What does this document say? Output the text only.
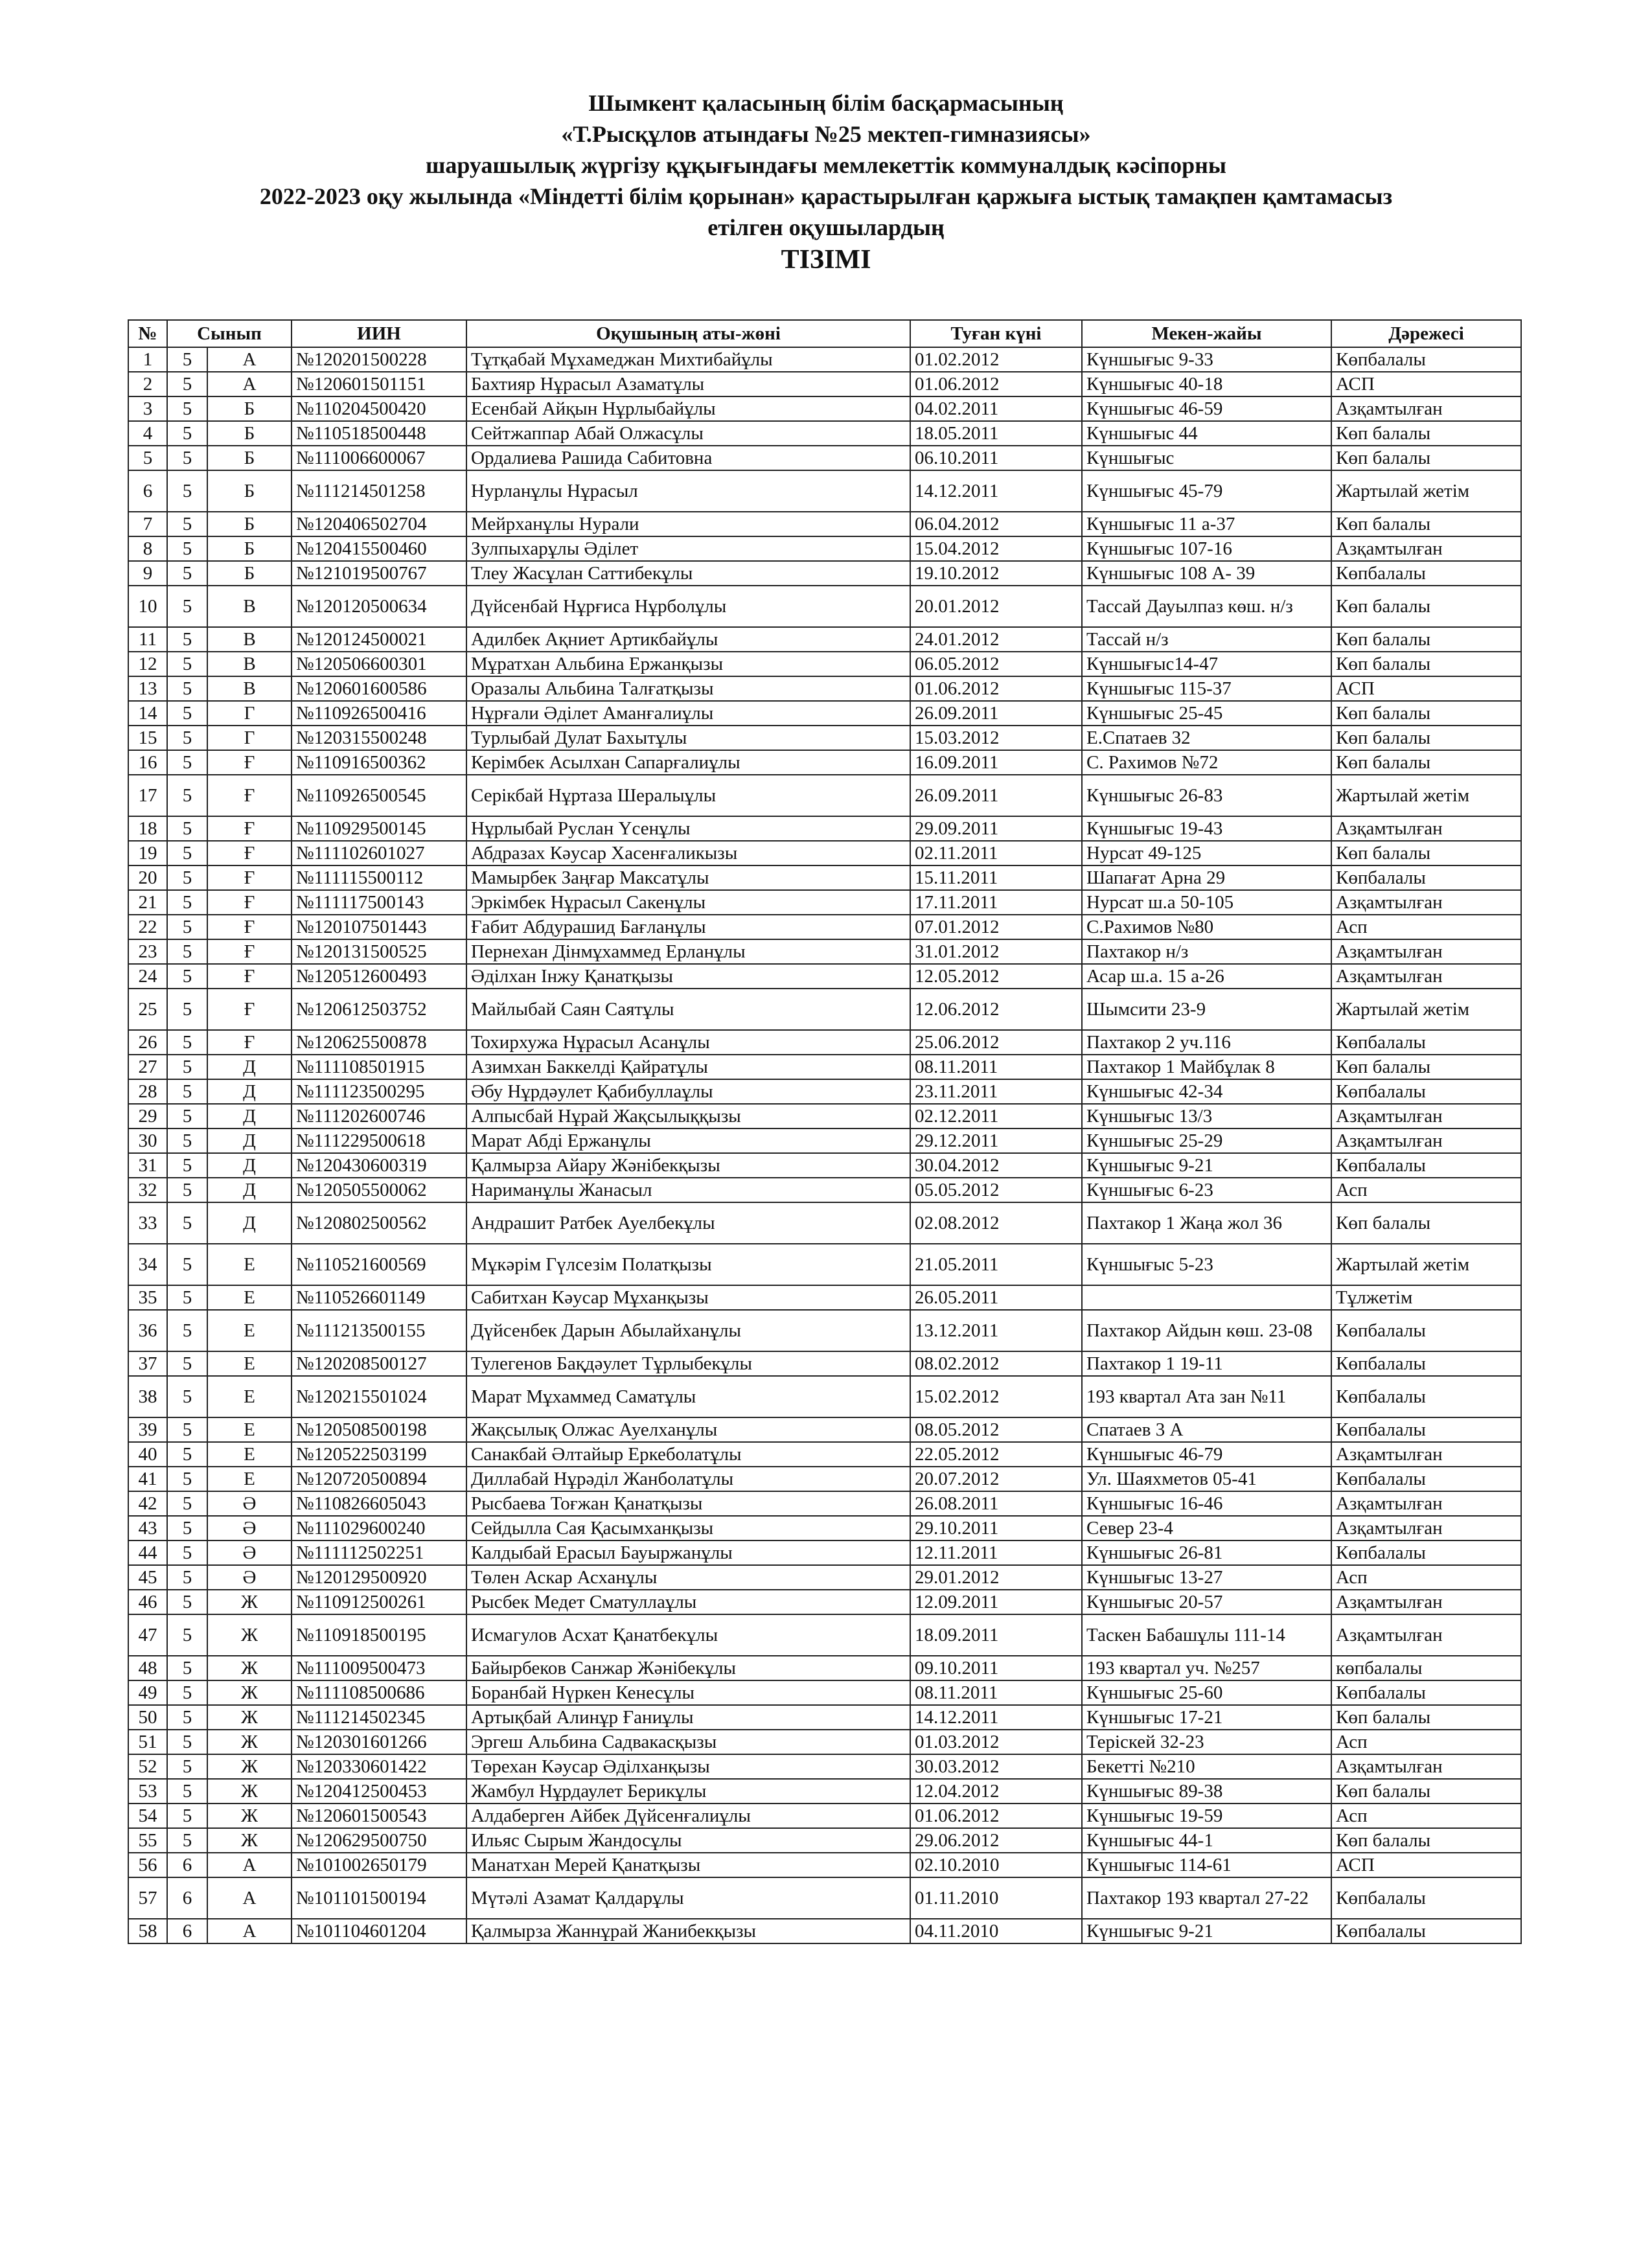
Шымкент қаласының білім басқармасының
«Т.Рысқұлов атындағы №25 мектеп-гимназиясы»
шаруашылық жүргізу құқығындағы мемлекеттік коммуналдық кәсіпорны
2022-2023 оқу жылында «Міндетті білім қорынан» қарастырылған қаржыға ыстық тамақпен қамтамасыз
етілген оқушылардың
ТІЗІМІ
№	Сынып		ИИН	Оқушының аты-жөні	Туған күні	Мекен-жайы	Дәрежесі
1	5	А	№120201500228	Тұтқабай Мұхамеджан Михтибайұлы	01.02.2012	Күншығыс 9-33	Көпбалалы
2	5	А	№120601501151	Бахтияр Нұрасыл Азаматұлы	01.06.2012	Күншығыс 40-18	АСП
3	5	Б	№110204500420	Есенбай Айқын Нұрлыбайұлы	04.02.2011	Күншығыс 46-59	Азқамтылған
4	5	Б	№110518500448	Сейтжаппар Абай Олжасұлы	18.05.2011	Күншығыс 44	Көп балалы
5	5	Б	№111006600067	Ордалиева Рашида Сабитовна	06.10.2011	Күншығыс	Көп балалы
6	5	Б	№111214501258	Нурланұлы Нұрасыл	14.12.2011	Күншығыс 45-79	Жартылай жетім
7	5	Б	№120406502704	Мейрханұлы Нурали	06.04.2012	Күншығыс 11 а-37	Көп балалы
8	5	Б	№120415500460	Зулпыхарұлы Әділет	15.04.2012	Күншығыс 107-16	Азқамтылған
9	5	Б	№121019500767	Тлеу Жасұлан Саттибекұлы	19.10.2012	Күншығыс 108 А- 39	Көпбалалы
10	5	В	№120120500634	Дүйсенбай Нұрғиса Нұрболұлы	20.01.2012	Тассай Дауылпаз көш. н/з	Көп балалы
11	5	В	№120124500021	Адилбек Ақниет Артикбайұлы	24.01.2012	Тассай н/з	Көп балалы
12	5	В	№120506600301	Мұратхан Альбина Ержанқызы	06.05.2012	Күншығыс14-47	Көп балалы
13	5	В	№120601600586	Оразалы Альбина Талғатқызы	01.06.2012	Күншығыс 115-37	АСП
14	5	Г	№110926500416	Нұрғали Әділет Аманғалиұлы	26.09.2011	Күншығыс 25-45	Көп балалы
15	5	Г	№120315500248	Турлыбай Дулат Бахытұлы	15.03.2012	Е.Спатаев 32	Көп балалы
16	5	Ғ	№110916500362	Керімбек Асылхан Сапарғалиұлы	16.09.2011	С. Рахимов №72	Көп балалы
17	5	Ғ	№110926500545	Серікбай Нұртаза Шералыұлы	26.09.2011	Күншығыс 26-83	Жартылай жетім
18	5	Ғ	№110929500145	Нұрлыбай Руслан Үсенұлы	29.09.2011	Күншығыс 19-43	Азқамтылған
19	5	Ғ	№111102601027	Абдразах Кәусар Хасенғаликызы	02.11.2011	Нурсат 49-125	Көп балалы
20	5	Ғ	№111115500112	Мамырбек Заңғар Максатұлы	15.11.2011	Шапағат Арна 29	Көпбалалы
21	5	Ғ	№111117500143	Эркімбек Нұрасыл Сакенұлы	17.11.2011	Нурсат ш.а 50-105	Азқамтылған
22	5	Ғ	№120107501443	Ғабит Абдурашид Бағланұлы	07.01.2012	С.Рахимов №80	Асп
23	5	Ғ	№120131500525	Пернехан Дінмұхаммед Ерланұлы	31.01.2012	Пахтакор н/з	Азқамтылған
24	5	Ғ	№120512600493	Әділхан Інжу Қанатқызы	12.05.2012	Асар ш.а. 15 а-26	Азқамтылған
25	5	Ғ	№120612503752	Майлыбай Саян Саятұлы	12.06.2012	Шымсити 23-9	Жартылай жетім
26	5	Ғ	№120625500878	Тохирхужа Нұрасыл Асанұлы	25.06.2012	Пахтакор 2 уч.116	Көпбалалы
27	5	Д	№111108501915	Азимхан Баккелді Қайратұлы	08.11.2011	Пахтакор 1 Майбұлак 8	Көп балалы
28	5	Д	№111123500295	Әбу Нұрдәулет Қабибуллаұлы	23.11.2011	Күншығыс 42-34	Көпбалалы
29	5	Д	№111202600746	Алпысбай Нұрай Жақсылыққызы	02.12.2011	Күншығыс 13/3	Азқамтылған
30	5	Д	№111229500618	Марат Абді Ержанұлы	29.12.2011	Күншығыс 25-29	Азқамтылған
31	5	Д	№120430600319	Қалмырза Айару Жәнібекқызы	30.04.2012	Күншығыс 9-21	Көпбалалы
32	5	Д	№120505500062	Нариманұлы Жанасыл	05.05.2012	Күншығыс 6-23	Асп
33	5	Д	№120802500562	Андрашит Ратбек Ауелбекұлы	02.08.2012	Пахтакор 1 Жаңа жол 36	Көп балалы
34	5	Е	№110521600569	Мұкәрім Гүлсезім Полатқызы	21.05.2011	Күншығыс 5-23	Жартылай жетім
35	5	Е	№110526601149	Сабитхан Кәусар Мұханқызы	26.05.2011		Тұлжетім
36	5	Е	№111213500155	Дүйсенбек Дарын Абылайханұлы	13.12.2011	Пахтакор Айдын көш. 23-08	Көпбалалы
37	5	Е	№120208500127	Тулегенов Бақдәулет Тұрлыбекұлы	08.02.2012	Пахтакор 1 19-11	Көпбалалы
38	5	Е	№120215501024	Марат Мұхаммед Саматұлы	15.02.2012	193 квартал Ата зан №11	Көпбалалы
39	5	Е	№120508500198	Жақсылық Олжас Ауелханұлы	08.05.2012	Спатаев 3 А	Көпбалалы
40	5	Е	№120522503199	Санакбай Әлтайыр Еркеболатұлы	22.05.2012	Күншығыс 46-79	Азқамтылған
41	5	Е	№120720500894	Диллабай Нұрәділ Жанболатұлы	20.07.2012	Ул. Шаяхметов 05-41	Көпбалалы
42	5	Ә	№110826605043	Рысбаева Тоғжан Қанатқызы	26.08.2011	Күншығыс 16-46	Азқамтылған
43	5	Ә	№111029600240	Сейдылла Сая Қасымханқызы	29.10.2011	Север 23-4	Азқамтылған
44	5	Ә	№111112502251	Калдыбай Ерасыл Бауыржанұлы	12.11.2011	Күншығыс 26-81	Көпбалалы
45	5	Ә	№120129500920	Төлен Аскар Асханұлы	29.01.2012	Күншығыс 13-27	Асп
46	5	Ж	№110912500261	Рысбек Медет Сматуллаұлы	12.09.2011	Күншығыс 20-57	Азқамтылған
47	5	Ж	№110918500195	Исмагулов Асхат Қанатбекұлы	18.09.2011	Таскен Бабашұлы 111-14	Азқамтылған
48	5	Ж	№111009500473	Байырбеков Санжар Жәнібекұлы	09.10.2011	193 квартал уч. №257	көпбалалы
49	5	Ж	№111108500686	Боранбай Нүркен Кенесұлы	08.11.2011	Күншығыс 25-60	Көпбалалы
50	5	Ж	№111214502345	Артықбай Алинұр Ғаниұлы	14.12.2011	Күншығыс 17-21	Көп балалы
51	5	Ж	№120301601266	Эргеш Альбина Садвакасқызы	01.03.2012	Теріскей 32-23	Асп
52	5	Ж	№120330601422	Төрехан Кәусар Әділханқызы	30.03.2012	Бекетті №210	Азқамтылған
53	5	Ж	№120412500453	Жамбул Нұрдаулет Берикұлы	12.04.2012	Күншығыс 89-38	Көп балалы
54	5	Ж	№120601500543	Алдаберген Айбек Дүйсенғалиұлы	01.06.2012	Күншығыс 19-59	Асп
55	5	Ж	№120629500750	Ильяс Сырым Жандосұлы	29.06.2012	Күншығыс 44-1	Көп балалы
56	6	А	№101002650179	Манатхан Мерей Қанатқызы	02.10.2010	Күншығыс 114-61	АСП
57	6	А	№101101500194	Мүтәлі Азамат Қалдарұлы	01.11.2010	Пахтакор 193 квартал 27-22	Көпбалалы
58	6	А	№101104601204	Қалмырза Жаннұрай Жанибекқызы	04.11.2010	Күншығыс 9-21	Көпбалалы
